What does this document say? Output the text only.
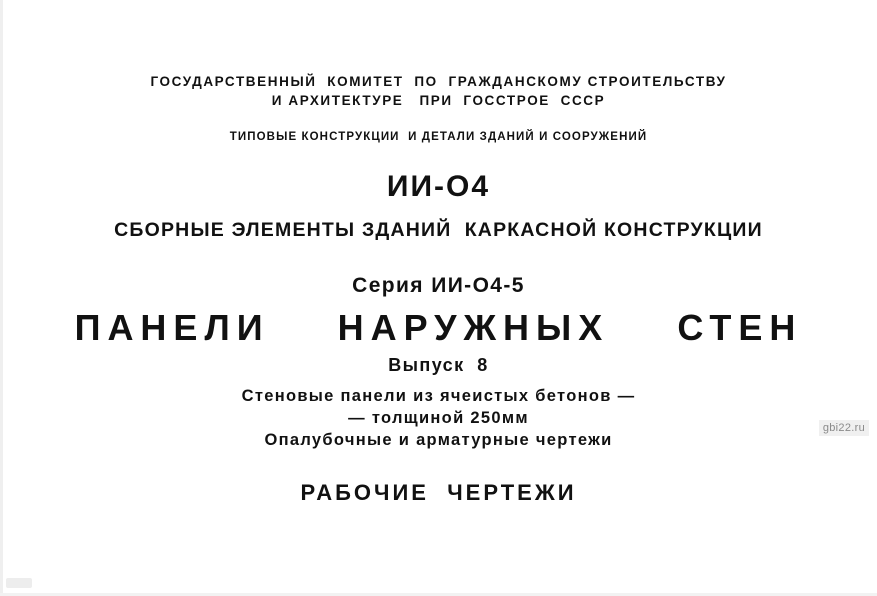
ГОСУДАРСТВЕННЫЙ  КОМИТЕТ  ПО  ГРАЖДАНСКОМУ СТРОИТЕЛЬСТВУ
И АРХИТЕКТУРЕ   ПРИ  ГОССТРОЕ  СССР
ТИПОВЫЕ КОНСТРУКЦИИ  И ДЕТАЛИ ЗДАНИЙ И СООРУЖЕНИЙ
ИИ-О4
СБОРНЫЕ ЭЛЕМЕНТЫ ЗДАНИЙ  КАРКАСНОЙ КОНСТРУКЦИИ
Серия ИИ-О4-5
ПАНЕЛИ    НАРУЖНЫХ    СТЕН
Выпуск  8
Стеновые панели из ячеистых бетонов —
— толщиной 250мм
Опалубочные и арматурные чертежи
РАБОЧИЕ  ЧЕРТЕЖИ
gbi22.ru
